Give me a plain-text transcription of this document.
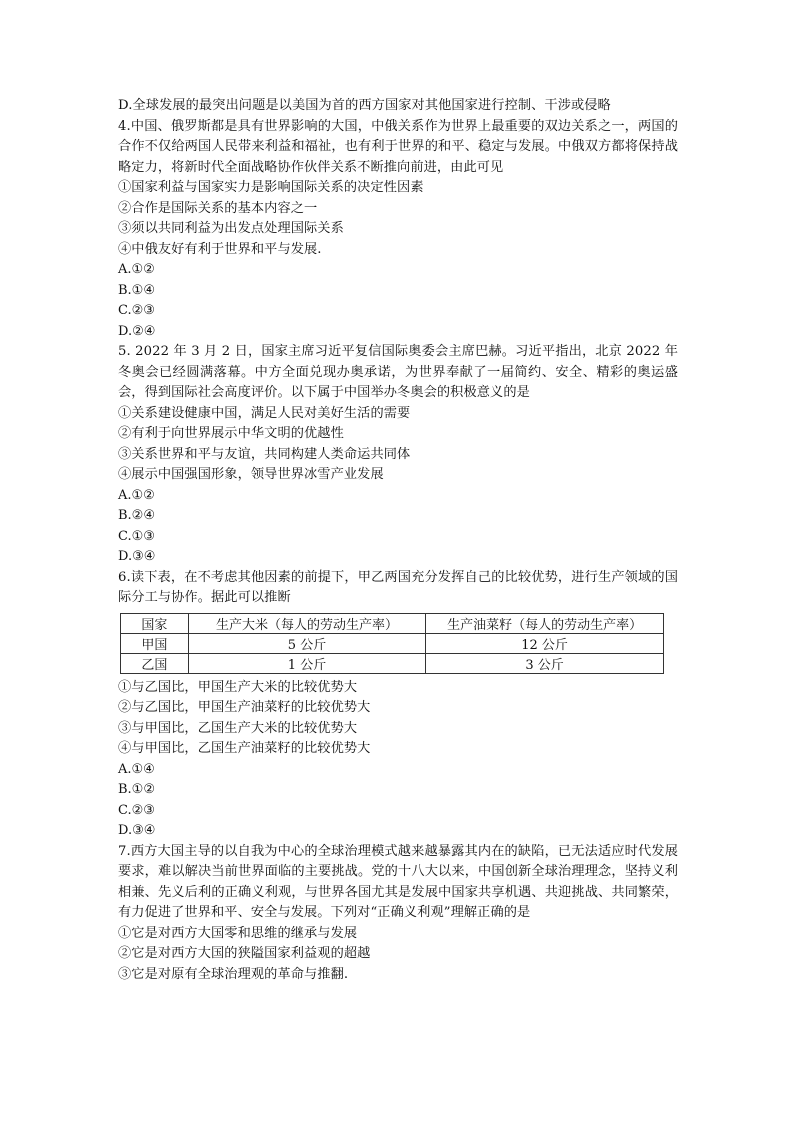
D.全球发展的最突出问题是以美国为首的西方国家对其他国家进行控制、干涉或侵略
4.中国、俄罗斯都是具有世界影响的大国，中俄关系作为世界上最重要的双边关系之一，两国的合作不仅给两国人民带来利益和福祉，也有利于世界的和平、稳定与发展。中俄双方都将保持战略定力，将新时代全面战略协作伙伴关系不断推向前进，由此可见
①国家利益与国家实力是影响国际关系的决定性因素
②合作是国际关系的基本内容之一
③须以共同利益为出发点处理国际关系
④中俄友好有利于世界和平与发展.
A.①②
B.①④
C.②③
D.②④
5. 2022 年 3 月 2 日，国家主席习近平复信国际奥委会主席巴赫。习近平指出，北京 2022 年冬奥会已经圆满落幕。中方全面兑现办奥承诺，为世界奉献了一届简约、安全、精彩的奥运盛会，得到国际社会高度评价。以下属于中国举办冬奥会的积极意义的是
①关系建设健康中国，满足人民对美好生活的需要
②有利于向世界展示中华文明的优越性
③关系世界和平与友谊，共同构建人类命运共同体
④展示中国强国形象，领导世界冰雪产业发展
A.①②
B.②④
C.①③
D.③④
6.读下表，在不考虑其他因素的前提下，甲乙两国充分发挥自己的比较优势，进行生产领域的国际分工与协作。据此可以推断
国家	生产大米（每人的劳动生产率）	生产油菜籽（每人的劳动生产率）
甲国	5 公斤	12 公斤
乙国	1 公斤	3 公斤
①与乙国比，甲国生产大米的比较优势大
②与乙国比，甲国生产油菜籽的比较优势大
③与甲国比，乙国生产大米的比较优势大
④与甲国比，乙国生产油菜籽的比较优势大
A.①④
B.①②
C.②③
D.③④
7.西方大国主导的以自我为中心的全球治理模式越来越暴露其内在的缺陷，已无法适应时代发展要求，难以解决当前世界面临的主要挑战。党的十八大以来，中国创新全球治理理念，坚持义利相兼、先义后利的正确义利观，与世界各国尤其是发展中国家共享机遇、共迎挑战、共同繁荣，有力促进了世界和平、安全与发展。下列对“正确义利观”理解正确的是
①它是对西方大国零和思维的继承与发展
②它是对西方大国的狭隘国家利益观的超越
③它是对原有全球治理观的革命与推翻.
